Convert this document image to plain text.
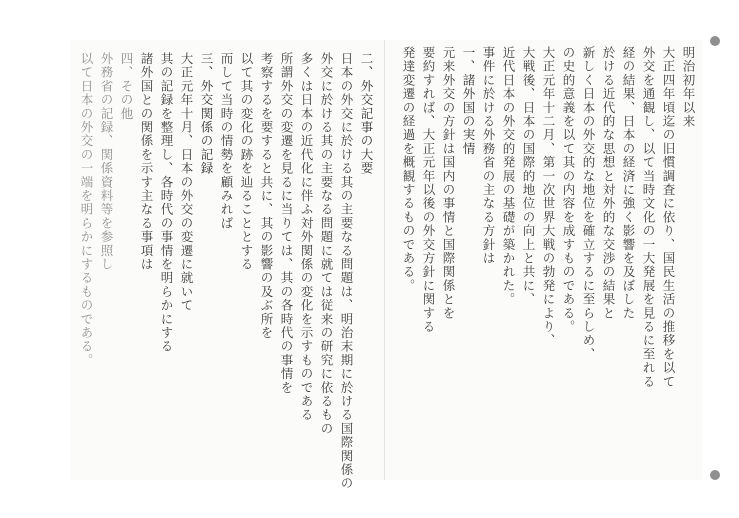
明治初年以来
大正四年頃迄の旧慣調査に依り、国民生活の推移を以て
外交を通観し、以て当時文化の一大発展を見るに至れる
経の結果、日本の経済に強く影響を及ぼした
於ける近代的な思想と対外的な交渉の結果と
新しく日本の外交的な地位を確立するに至らしめ、
の史的意義を以て其の内容を成すものである。
大正元年十二月、第一次世界大戦の勃発により、
大戦後、日本の国際的地位の向上と共に、
近代日本の外交的発展の基礎が築かれた。
事件に於ける外務省の主なる方針は
一、諸外国の実情
元来外交の方針は国内の事情と国際関係とを
要約すれば、大正元年以後の外交方針に関する
発達変遷の経過を概観するものである。
二、外交記事の大要
日本の外交に於ける其の主要なる問題は、明治末期に於ける国際関係の
外交に於ける其の主要なる問題に就ては従来の研究に依るもの
多くは日本の近代化に伴ふ対外関係の変化を示すものである
所謂外交の変遷を見るに当りては、其の各時代の事情を
考察するを要すると共に、其の影響の及ぶ所を
以て其の変化の跡を辿ることとする
而して当時の情勢を顧みれば
三、外交関係の記録
大正元年十月、日本の外交の変遷に就いて
其の記録を整理し、各時代の事情を明らかにする
諸外国との関係を示す主なる事項は
四、その他
外務省の記録、関係資料等を参照し
以て日本の外交の一端を明らかにするものである。
